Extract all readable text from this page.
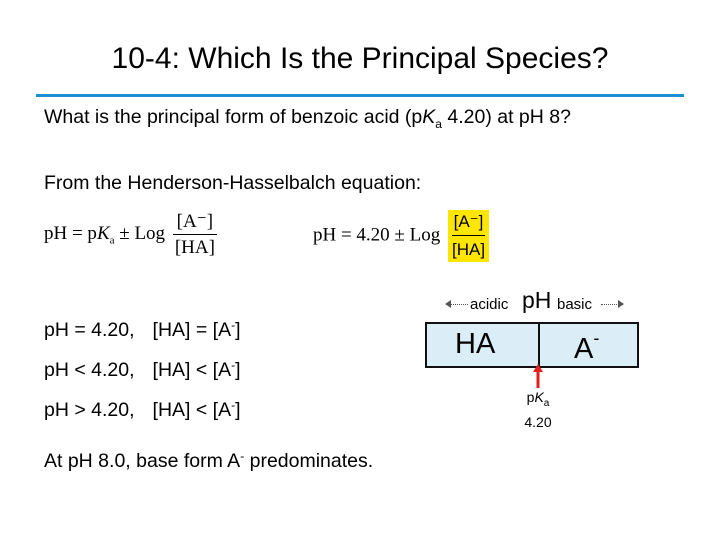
10-4: Which Is the Principal Species?
What is the principal form of benzoic acid ($pK_a$ 4.20) at pH 8?
From the Henderson-Hasselbalch equation:
pH = $pK_a$ ± Log $\frac{[A^-]}{[HA]}$	pH = 4.20 ± Log $\frac{[A^-]}{[HA]}$
pH = 4.20, [HA] = [A-]
pH < 4.20, [HA] < [A-]
pH > 4.20, [HA] < [A-]
At pH 8.0, base form A- predominates.
acidic pH basic
HA	A-
$pK_a$
4.20
